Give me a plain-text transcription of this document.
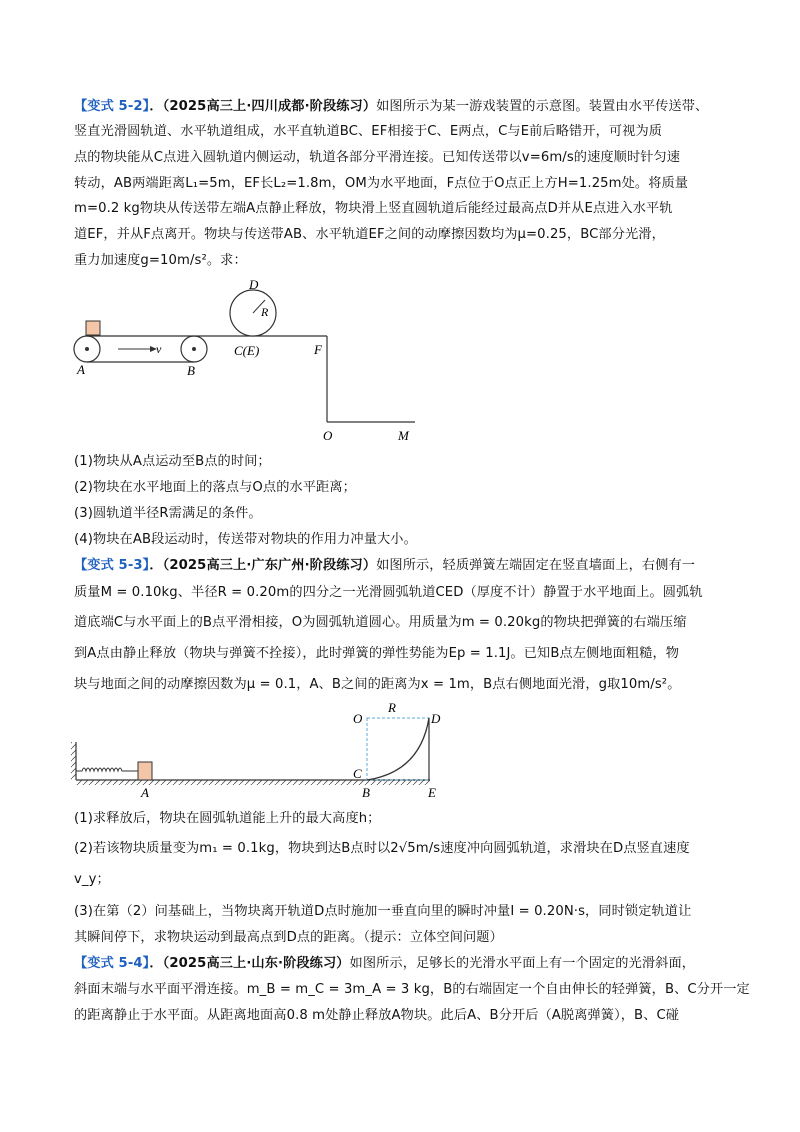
【变式 5-2】．（2025高三上·四川成都·阶段练习）如图所示为某一游戏装置的示意图。装置由水平传送带、
竖直光滑圆轨道、水平轨道组成，水平直轨道BC、EF相接于C、E两点，C与E前后略错开，可视为质
点的物块能从C点进入圆轨道内侧运动，轨道各部分平滑连接。已知传送带以v=6m/s的速度顺时针匀速
转动，AB两端距离L₁=5m，EF长L₂=1.8m，OM为水平地面，F点位于O点正上方H=1.25m处。将质量
m=0.2 kg物块从传送带左端A点静止释放，物块滑上竖直圆轨道后能经过最高点D并从E点进入水平轨
道EF，并从F点离开。物块与传送带AB、水平轨道EF之间的动摩擦因数均为μ=0.25，BC部分光滑，
重力加速度g=10m/s²。求：
D
R
v
A	B
C(E)	F
O	M
(1)物块从A点运动至B点的时间；
(2)物块在水平地面上的落点与O点的水平距离；
(3)圆轨道半径R需满足的条件。
(4)物块在AB段运动时，传送带对物块的作用力冲量大小。
【变式 5-3】．（2025高三上·广东广州·阶段练习）如图所示，轻质弹簧左端固定在竖直墙面上，右侧有一
质量M = 0.10kg、半径R = 0.20m的四分之一光滑圆弧轨道CED（厚度不计）静置于水平地面上。圆弧轨
道底端C与水平面上的B点平滑相接，O为圆弧轨道圆心。用质量为m = 0.20kg的物块把弹簧的右端压缩
到A点由静止释放（物块与弹簧不拴接），此时弹簧的弹性势能为Ep = 1.1J。已知B点左侧地面粗糙，物
块与地面之间的动摩擦因数为μ = 0.1，A、B之间的距离为x = 1m，B点右侧地面光滑，g取10m/s²。
R
O	D
C
A	B	E
(1)求释放后，物块在圆弧轨道能上升的最大高度h；
(2)若该物块质量变为m₁ = 0.1kg，物块到达B点时以2√5m/s速度冲向圆弧轨道，求滑块在D点竖直速度
v_y；
(3)在第（2）问基础上，当物块离开轨道D点时施加一垂直向里的瞬时冲量I = 0.20N·s，同时锁定轨道让
其瞬间停下，求物块运动到最高点到D点的距离。（提示：立体空间问题）
【变式 5-4】．（2025高三上·山东·阶段练习）如图所示，足够长的光滑水平面上有一个固定的光滑斜面，
斜面末端与水平面平滑连接。m_B = m_C = 3m_A = 3 kg，B的右端固定一个自由伸长的轻弹簧，B、C分开一定
的距离静止于水平面。从距离地面高0.8 m处静止释放A物块。此后A、B分开后（A脱离弹簧），B、C碰
